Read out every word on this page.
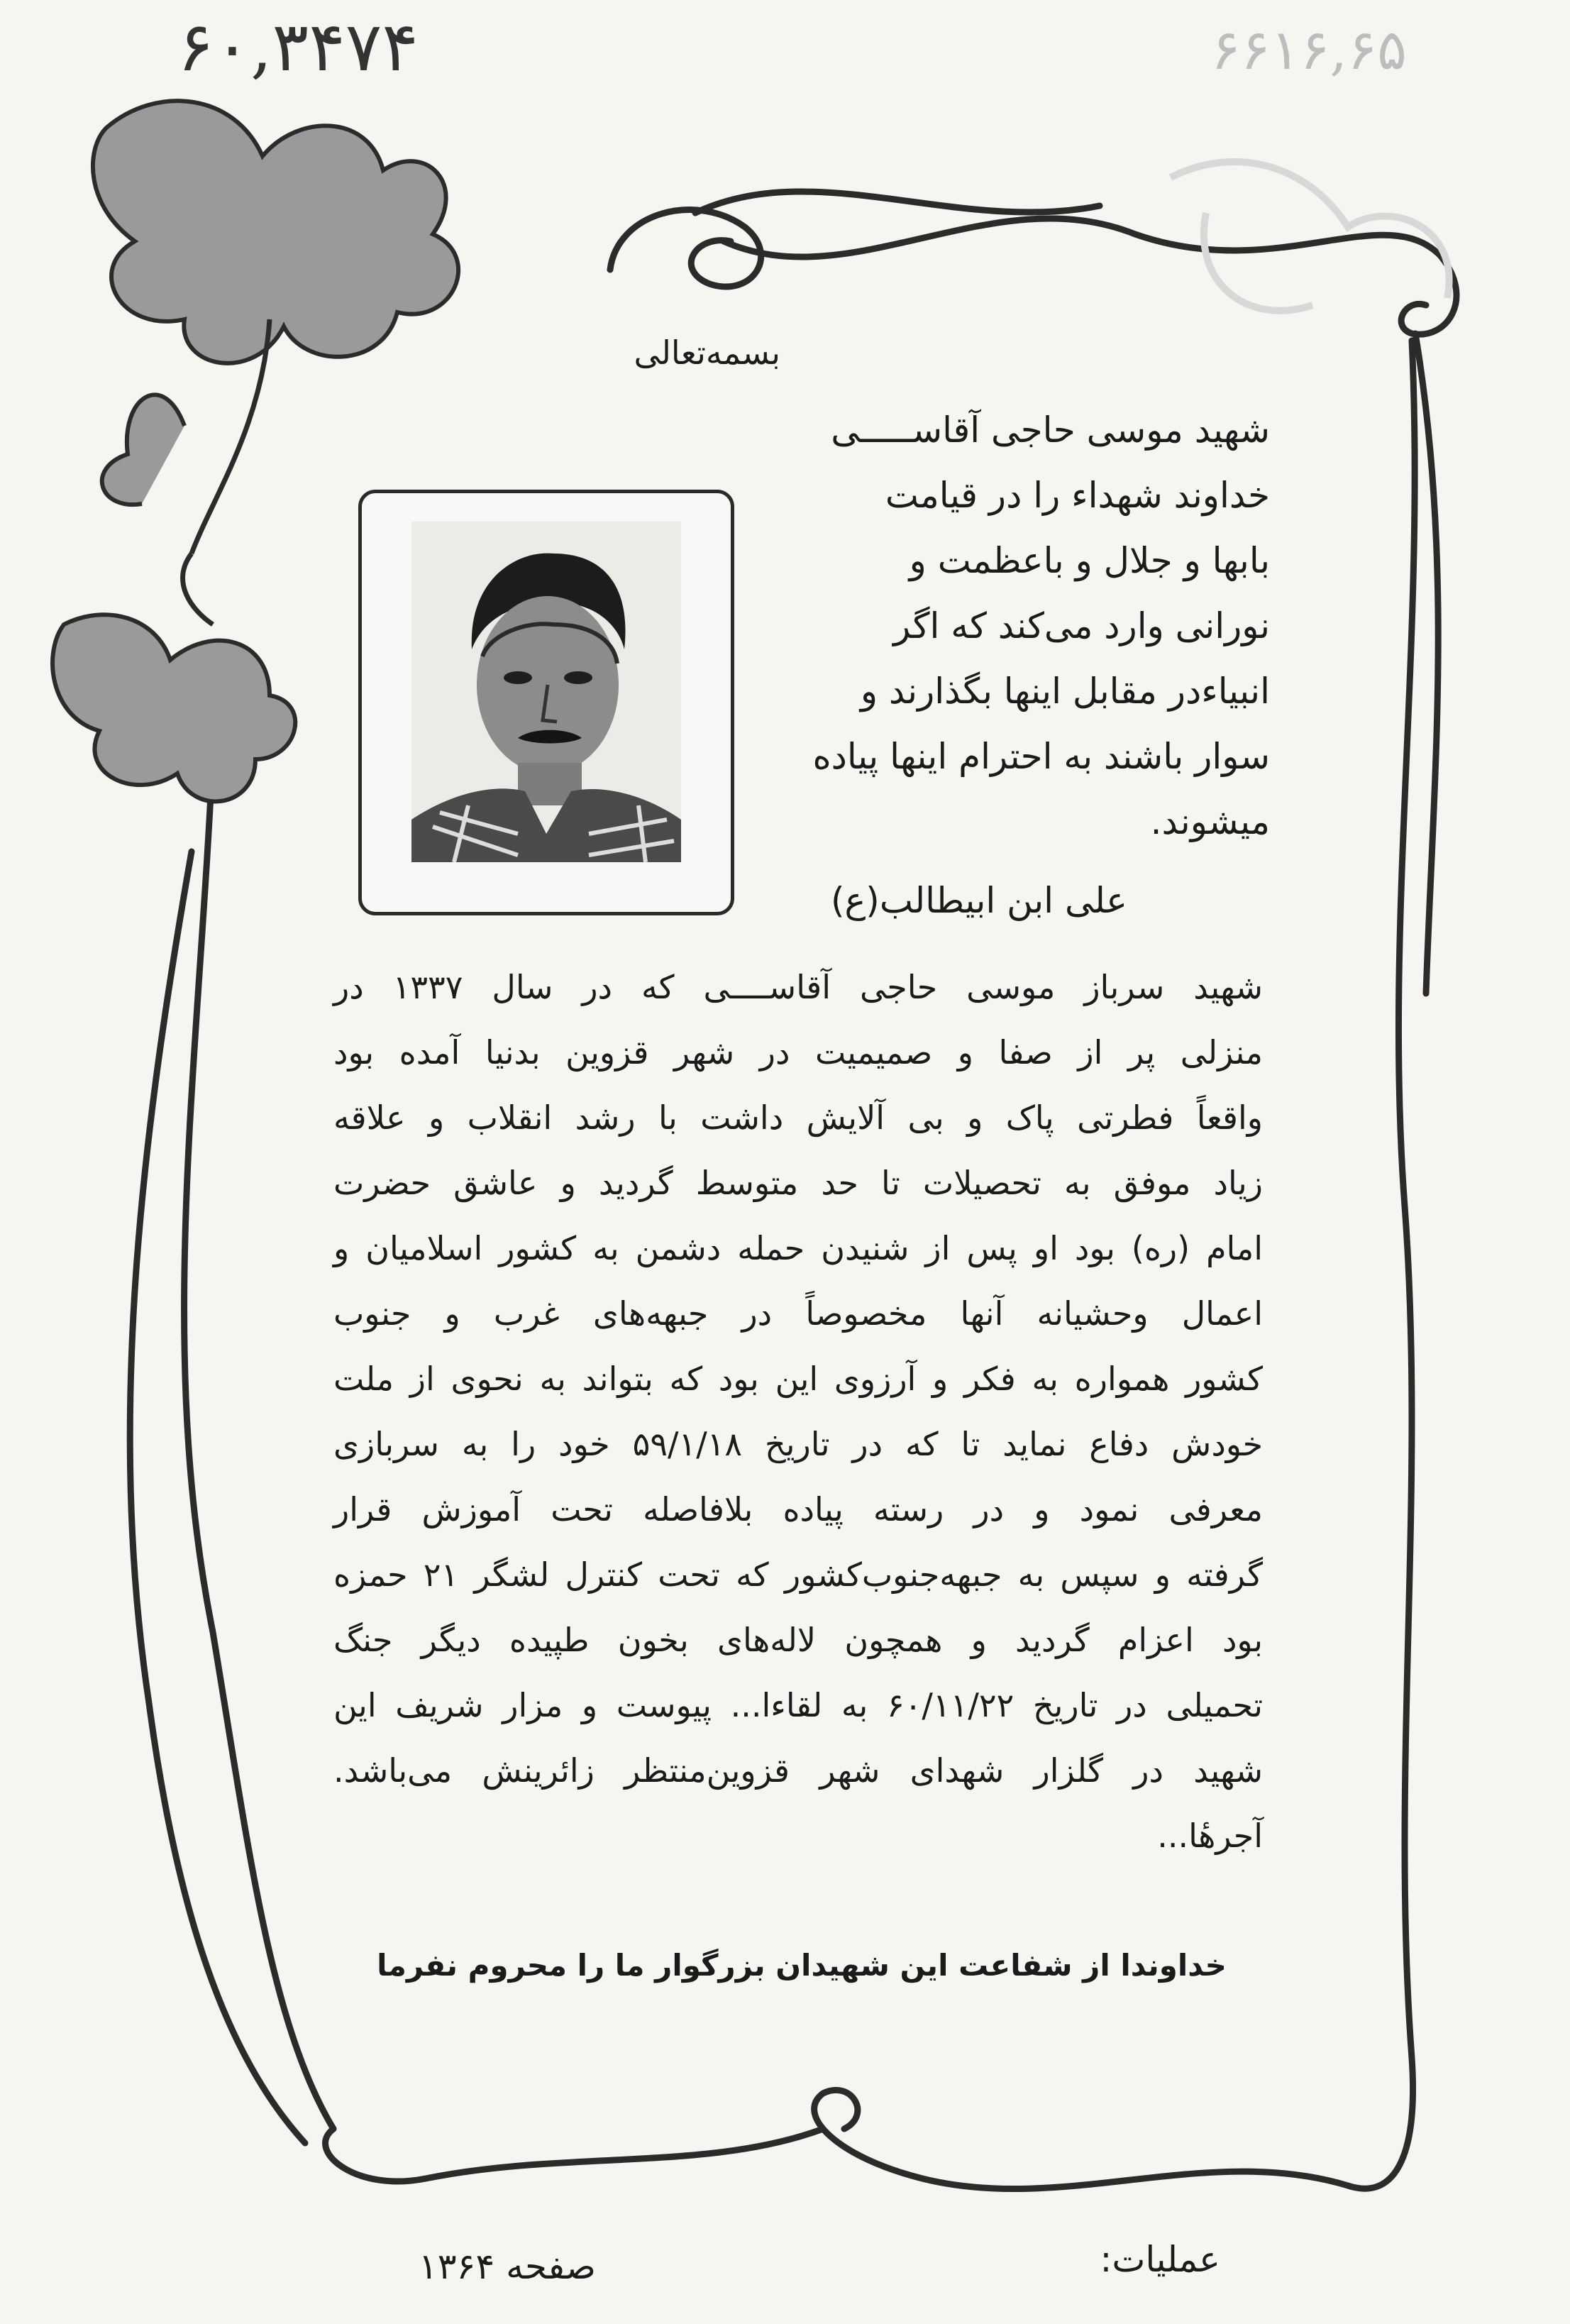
۶۰,۳۴۷۴	۶۶۱۶,۶۵
بسمه‌تعالی
شهید موسی حاجی آقاســـــی
خداوند شهداء را در قیامت
بابها و جلال و باعظمت و
نورانی وارد می‌کند که اگر
انبیاءدر مقابل اینها بگذارند و
سوار باشند به احترام اینها پیاده
میشوند.
علی ابن ابیطالب(ع)
شهید سرباز موسی حاجی آقاســــی که در سال ۱۳۳۷ در
منزلی پر از صفا و صمیمیت در شهر قزوین بدنیا آمده بود
واقعاً فطرتی پاک و بی آلایش داشت با رشد انقلاب و علاقه
زیاد موفق به تحصیلات تا حد متوسط گردید و عاشق حضرت
امام (ره) بود او پس از شنیدن حمله دشمن به کشور اسلامیان و
اعمال وحشیانه آنها مخصوصاً در جبهه‌های غرب و جنوب
کشور همواره به فکر و آرزوی این بود که بتواند به نحوی از ملت
خودش دفاع نماید تا که در تاریخ ۵۹/۱/۱۸ خود را به سربازی
معرفی نمود و در رسته پیاده بلافاصله تحت آموزش قرار
گرفته و سپس به جبهه‌جنوب‌کشور که تحت کنترل لشگر ۲۱ حمزه
بود اعزام گردید و همچون لاله‌های بخون طپیده دیگر جنگ
تحمیلی در تاریخ ۶۰/۱۱/۲۲ به لقاءا... پیوست و مزار شریف این
شهید در گلزار شهدای شهر قزوین‌منتظر زائرینش می‌باشد.
آجرهٔا...
خداوندا از شفاعت این شهیدان بزرگوار ما را محروم نفرما
عملیات:
صفحه ۱۳۶۴
